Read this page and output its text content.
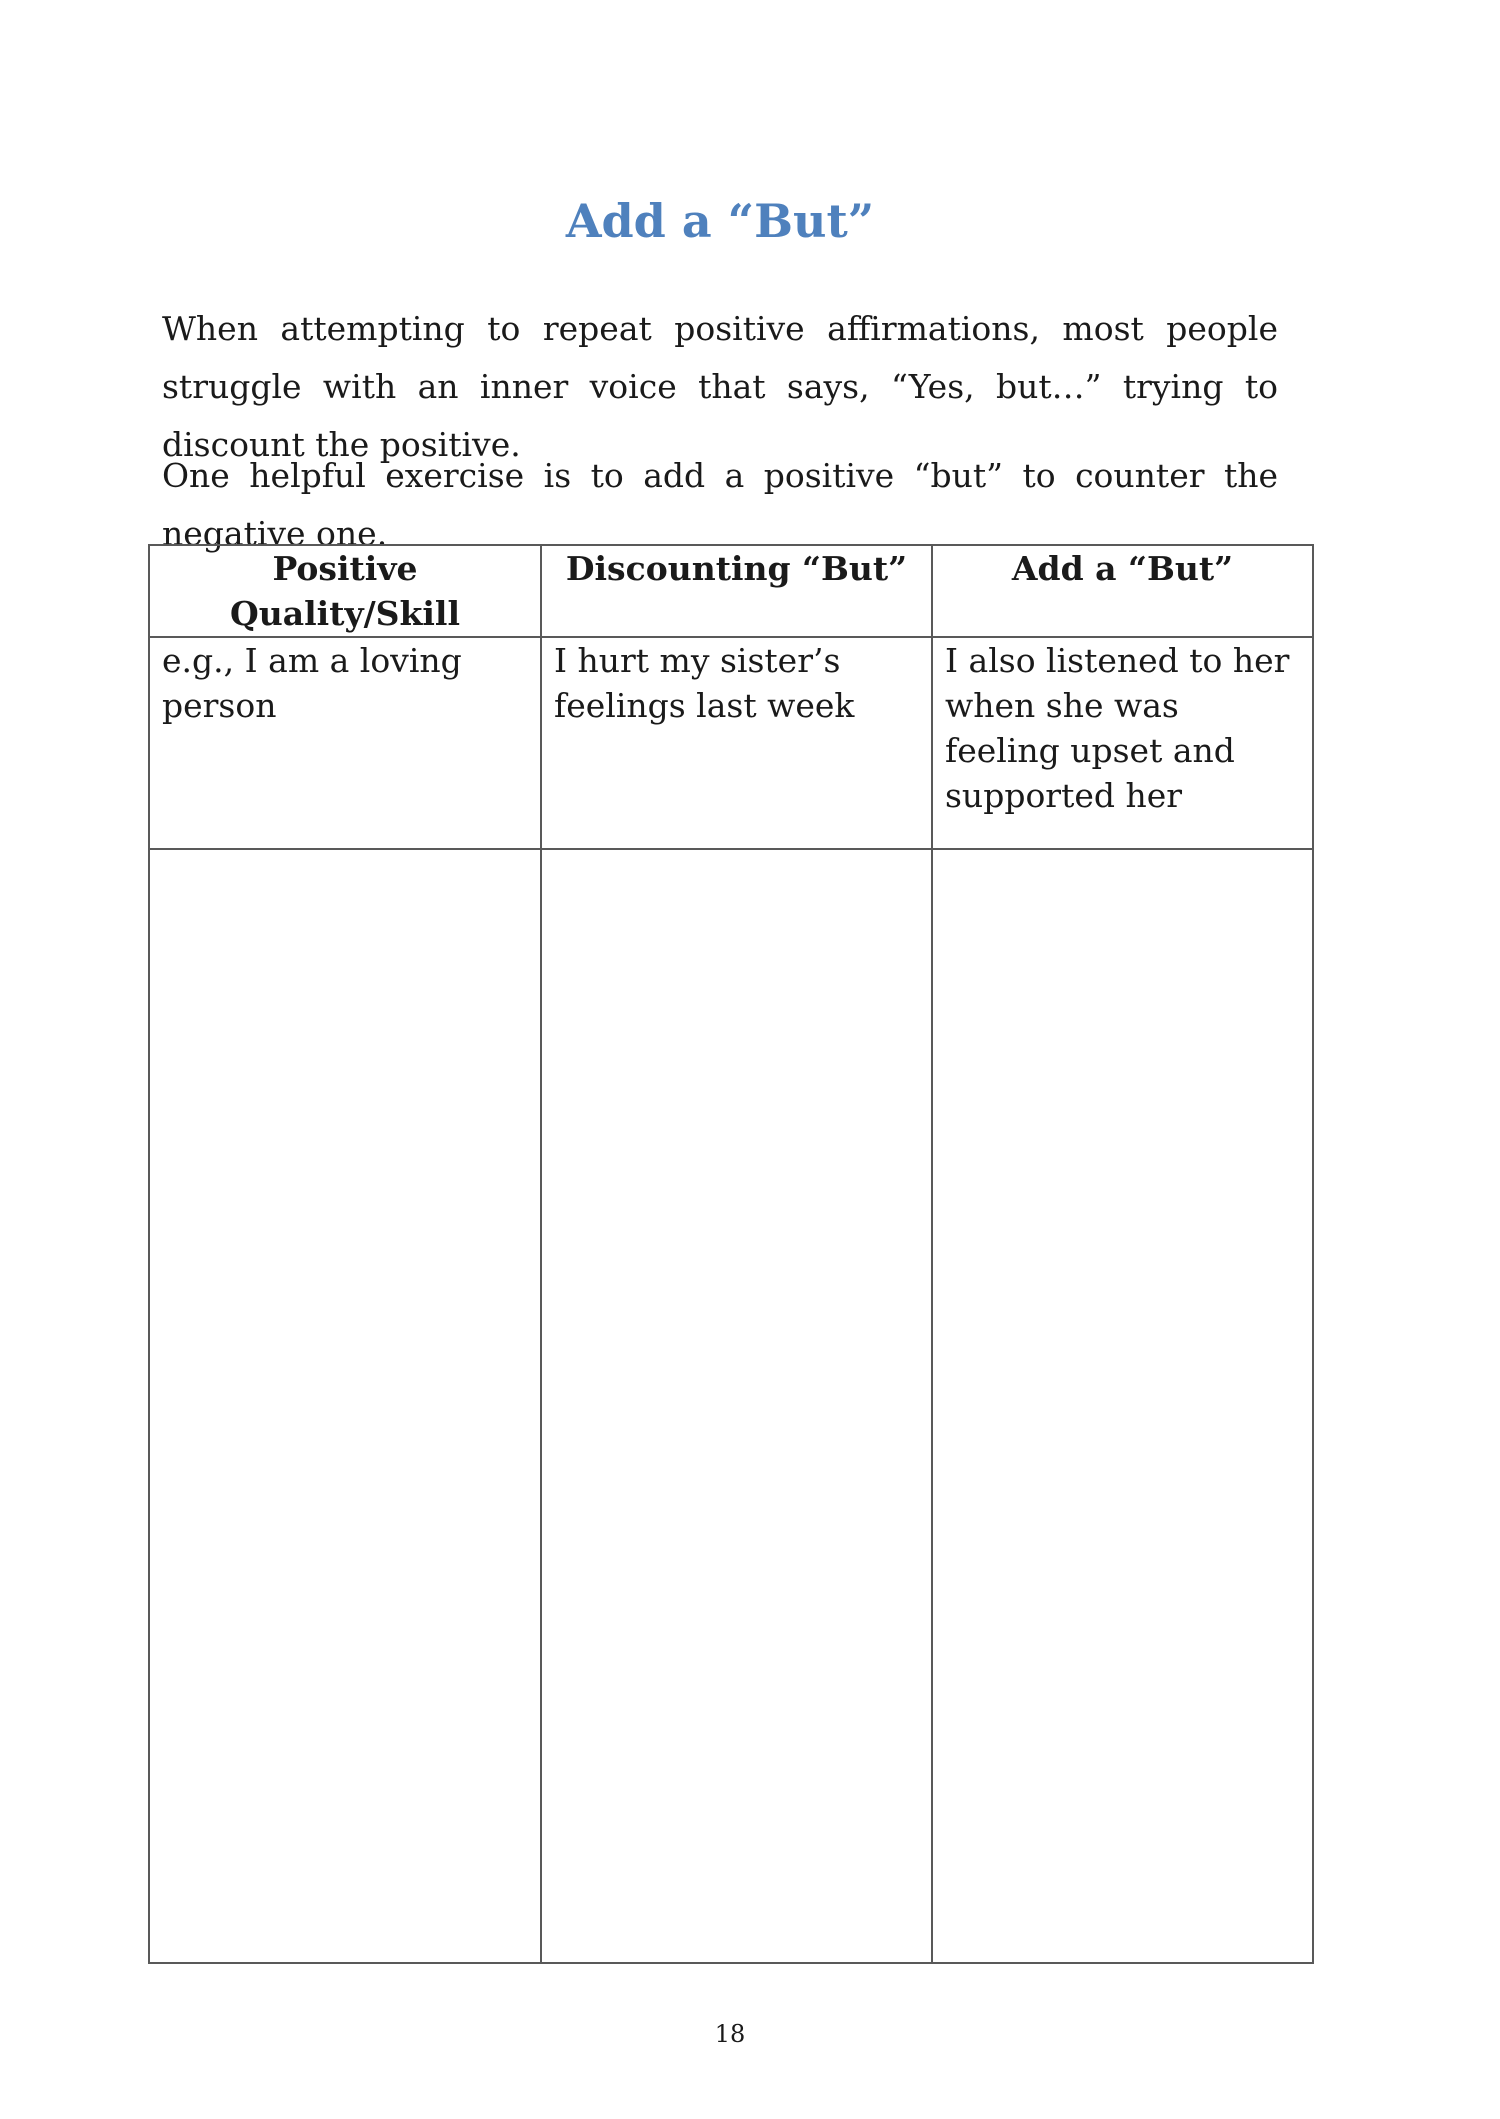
Add a “But”

When attempting to repeat positive affirmations, most people struggle with an inner voice that says, “Yes, but…” trying to discount the positive.

One helpful exercise is to add a positive “but” to counter the negative one.

Positive Quality/Skill	Discounting “But”	Add a “But”
e.g., I am a loving person	I hurt my sister’s feelings last week	I also listened to her when she was feeling upset and supported her

18
